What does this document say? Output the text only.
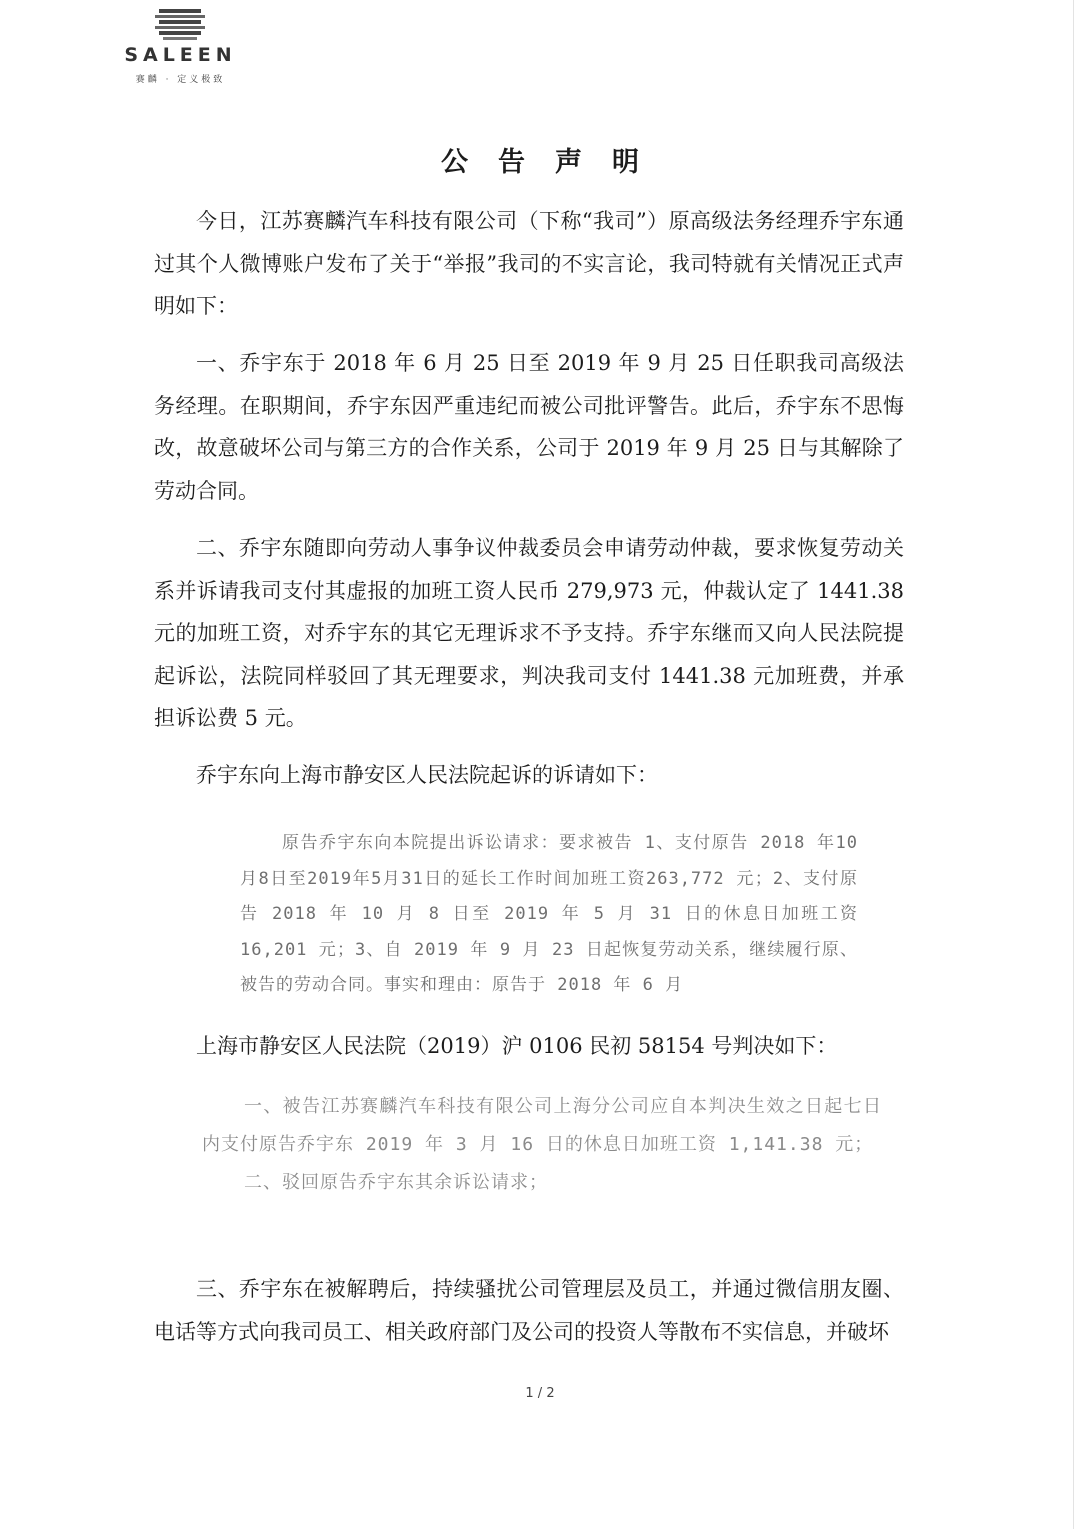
SALEEN
赛麟 · 定义极致
公告声明

今日，江苏赛麟汽车科技有限公司（下称“我司”）原高级法务经理乔宇东通过其个人微博账户发布了关于“举报”我司的不实言论，我司特就有关情况正式声明如下：

一、乔宇东于 2018 年 6 月 25 日至 2019 年 9 月 25 日任职我司高级法务经理。在职期间，乔宇东因严重违纪而被公司批评警告。此后，乔宇东不思悔改，故意破坏公司与第三方的合作关系，公司于 2019 年 9 月 25 日与其解除了劳动合同。

二、乔宇东随即向劳动人事争议仲裁委员会申请劳动仲裁，要求恢复劳动关系并诉请我司支付其虚报的加班工资人民币 279,973 元，仲裁认定了 1441.38 元的加班工资，对乔宇东的其它无理诉求不予支持。乔宇东继而又向人民法院提起诉讼，法院同样驳回了其无理要求，判决我司支付 1441.38 元加班费，并承担诉讼费 5 元。

乔宇东向上海市静安区人民法院起诉的诉请如下：

原告乔宇东向本院提出诉讼请求：要求被告 1、支付原告 2018 年10月8日至2019年5月31日的延长工作时间加班工资263,772 元；2、支付原告 2018 年 10 月 8 日至 2019 年 5 月 31 日的休息日加班工资 16,201 元；3、自 2019 年 9 月 23 日起恢复劳动关系，继续履行原、被告的劳动合同。事实和理由：原告于 2018 年 6 月

上海市静安区人民法院（2019）沪 0106 民初 58154 号判决如下：

一、被告江苏赛麟汽车科技有限公司上海分公司应自本判决生效之日起七日内支付原告乔宇东 2019 年 3 月 16 日的休息日加班工资 1,141.38 元；

二、驳回原告乔宇东其余诉讼请求；

三、乔宇东在被解聘后，持续骚扰公司管理层及员工，并通过微信朋友圈、电话等方式向我司员工、相关政府部门及公司的投资人等散布不实信息，并破坏

1 / 2
